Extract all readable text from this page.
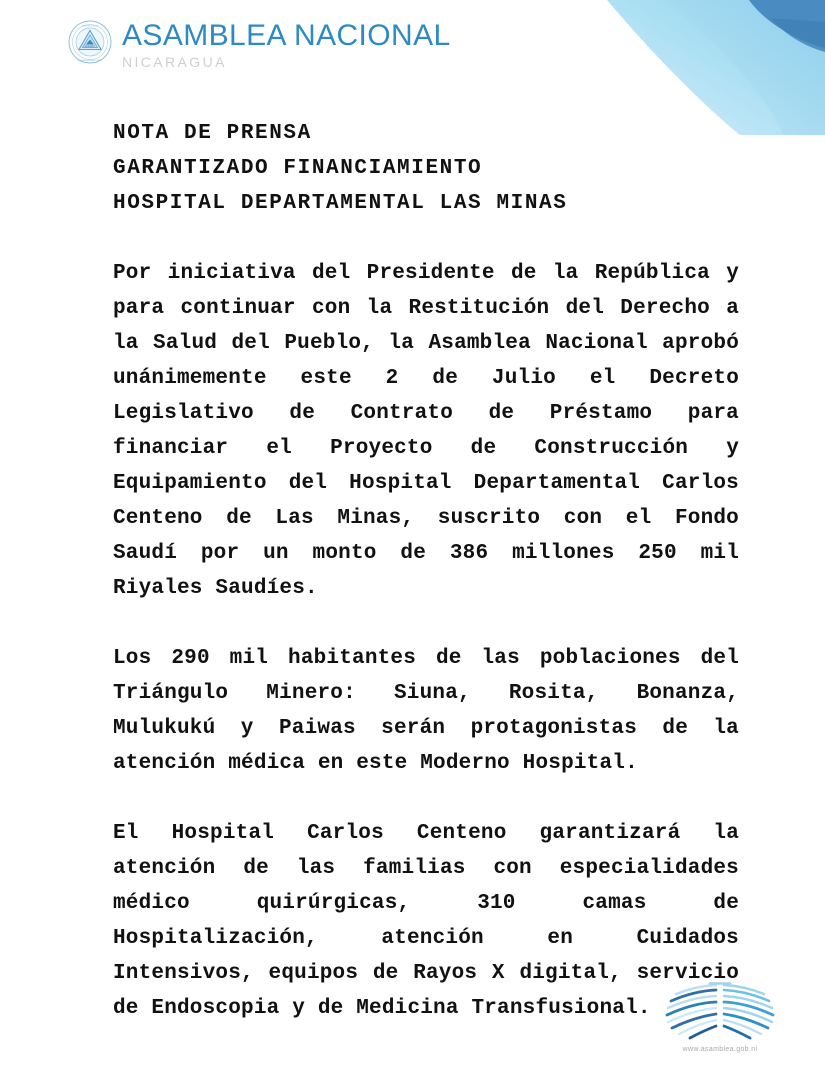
RAAN
REPUBLICA DE
ASAMBLEA NACIONAL
ASAMBLEA NACIONAL
NICARAGUA
NOTA DE PRENSA
GARANTIZADO FINANCIAMIENTO
HOSPITAL DEPARTAMENTAL LAS MINAS

Por iniciativa del Presidente de la República y para continuar con la Restitución del Derecho a la Salud del Pueblo, la Asamblea Nacional aprobó unánimemente este 2 de Julio el Decreto Legislativo de Contrato de Préstamo para financiar el Proyecto de Construcción y Equipamiento del Hospital Departamental Carlos Centeno de Las Minas, suscrito con el Fondo Saudí por un monto de 386 millones 250 mil Riyales Saudíes.

Los 290 mil habitantes de las poblaciones del Triángulo Minero: Siuna, Rosita, Bonanza, Mulukukú y Paiwas serán protagonistas de la atención médica en este Moderno Hospital.

El Hospital Carlos Centeno garantizará la atención de las familias con especialidades médico quirúrgicas, 310 camas de Hospitalización, atención en Cuidados Intensivos, equipos de Rayos X digital, servicio de Endoscopia y de Medicina Transfusional.

www.asamblea.gob.ni
